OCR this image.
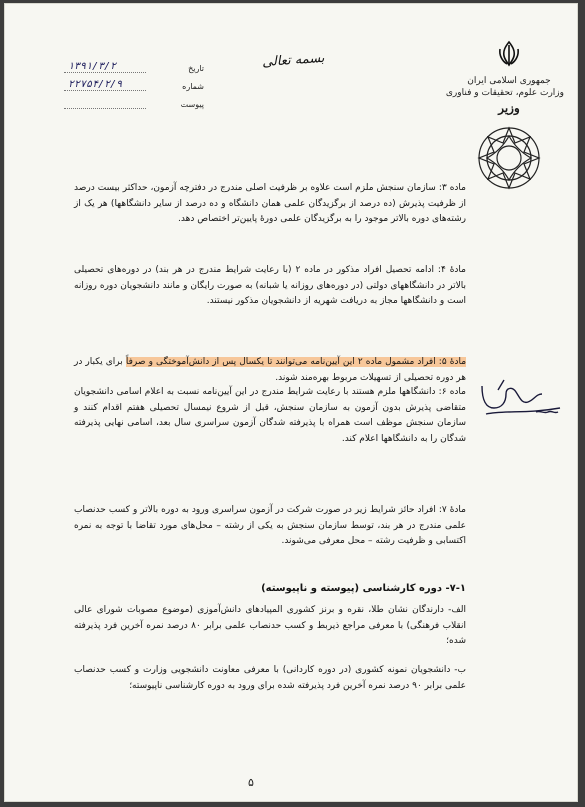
جمهوری اسلامی ایران
وزارت علوم، تحقیقات و فناوری
وزیر
بسمه تعالی
۱۳۹۱/۳/۲	تاریخ
۲۲۷۵۴/۲/۹	شماره
پیوست
ماده ۳: سازمان سنجش ملزم است علاوه بر ظرفیت اصلی مندرج در دفترچه آزمون، حداکثر بیست درصد از ظرفیت پذیرش (ده درصد از برگزیدگان علمی همان دانشگاه و ده درصد از سایر دانشگاهها) هر یک از رشته‌های دوره بالاتر موجود را به برگزیدگان علمی دورهٔ پایین‌تر اختصاص دهد.
مادهٔ ۴: ادامه تحصیل افراد مذکور در ماده ۲ (با رعایت شرایط مندرج در هر بند) در دوره‌های تحصیلی بالاتر در دانشگاههای دولتی (در دوره‌های روزانه یا شبانه) به صورت رایگان و مانند دانشجویان دوره روزانه است و دانشگاهها مجاز به دریافت شهریه از دانشجویان مذکور نیستند.
مادهٔ ۵: افراد مشمول ماده ۲ این آیین‌نامه می‌توانند تا یکسال پس از دانش‌آموختگی و صرفاً برای یکبار در هر دوره تحصیلی از تسهیلات مربوط بهره‌مند شوند.
ماده ۶: دانشگاهها ملزم هستند با رعایت شرایط مندرج در این آیین‌نامه نسبت به اعلام اسامی دانشجویان متقاضی پذیرش بدون آزمون به سازمان سنجش، قبل از شروع نیمسال تحصیلی هفتم اقدام کنند و سازمان سنجش موظف است همراه با پذیرفته شدگان آزمون سراسری سال بعد، اسامی نهایی پذیرفته شدگان را به دانشگاهها اعلام کند.
مادهٔ ۷: افراد حائز شرایط زیر در صورت شرکت در آزمون سراسری ورود به دوره بالاتر و کسب حدنصاب علمی مندرج در هر بند، توسط سازمان سنجش به یکی از رشته – محل‌های مورد تقاضا با توجه به نمره اکتسابی و ظرفیت رشته – محل معرفی می‌شوند.
۷-۱- دوره کارشناسی (پیوسته و ناپیوسته)
الف- دارندگان نشان طلا، نقره و برنز کشوری المپیادهای دانش‌آموزی (موضوع مصوبات شورای عالی انقلاب فرهنگی) با معرفی مراجع ذیربط و کسب حدنصاب علمی برابر ۸۰ درصد نمره آخرین فرد پذیرفته شده؛
ب- دانشجویان نمونه کشوری (در دوره کاردانی) با معرفی معاونت دانشجویی وزارت و کسب حدنصاب علمی برابر ۹۰ درصد نمره آخرین فرد پذیرفته شده برای ورود به دوره کارشناسی ناپیوسته؛
۵
